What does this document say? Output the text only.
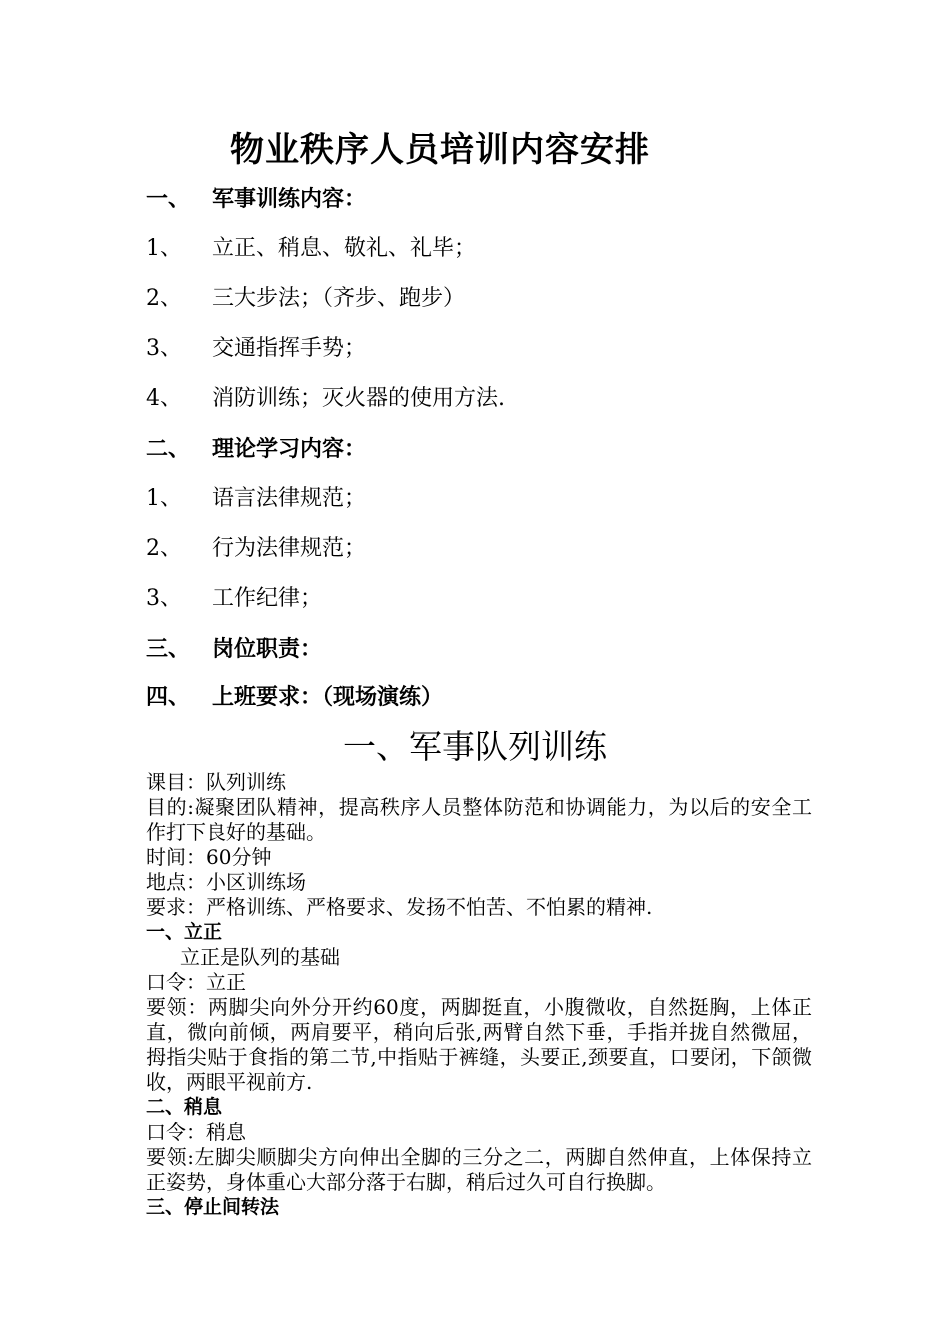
物业秩序人员培训内容安排
一、 军事训练内容：
1、 立正、稍息、敬礼、礼毕；
2、 三大步法；（齐步、跑步）
3、 交通指挥手势；
4、 消防训练；灭火器的使用方法.
二、 理论学习内容：
1、 语言法律规范；
2、 行为法律规范；
3、 工作纪律；
三、 岗位职责：
四、 上班要求：（现场演练）
一、军事队列训练

课目：队列训练

目的:凝聚团队精神，提高秩序人员整体防范和协调能力，为以后的安全工作打下良好的基础。

时间：60分钟

地点：小区训练场

要求：严格训练、严格要求、发扬不怕苦、不怕累的精神.

一、立正

立正是队列的基础

口令：立正

要领：两脚尖向外分开约60度，两脚挺直，小腹微收，自然挺胸，上体正直，微向前倾，两肩要平，稍向后张,两臂自然下垂，手指并拢自然微屈，拇指尖贴于食指的第二节,中指贴于裤缝，头要正,颈要直，口要闭，下颌微收，两眼平视前方.

二、稍息

口令：稍息

要领:左脚尖顺脚尖方向伸出全脚的三分之二，两脚自然伸直，上体保持立正姿势，身体重心大部分落于右脚，稍后过久可自行换脚。

三、停止间转法
